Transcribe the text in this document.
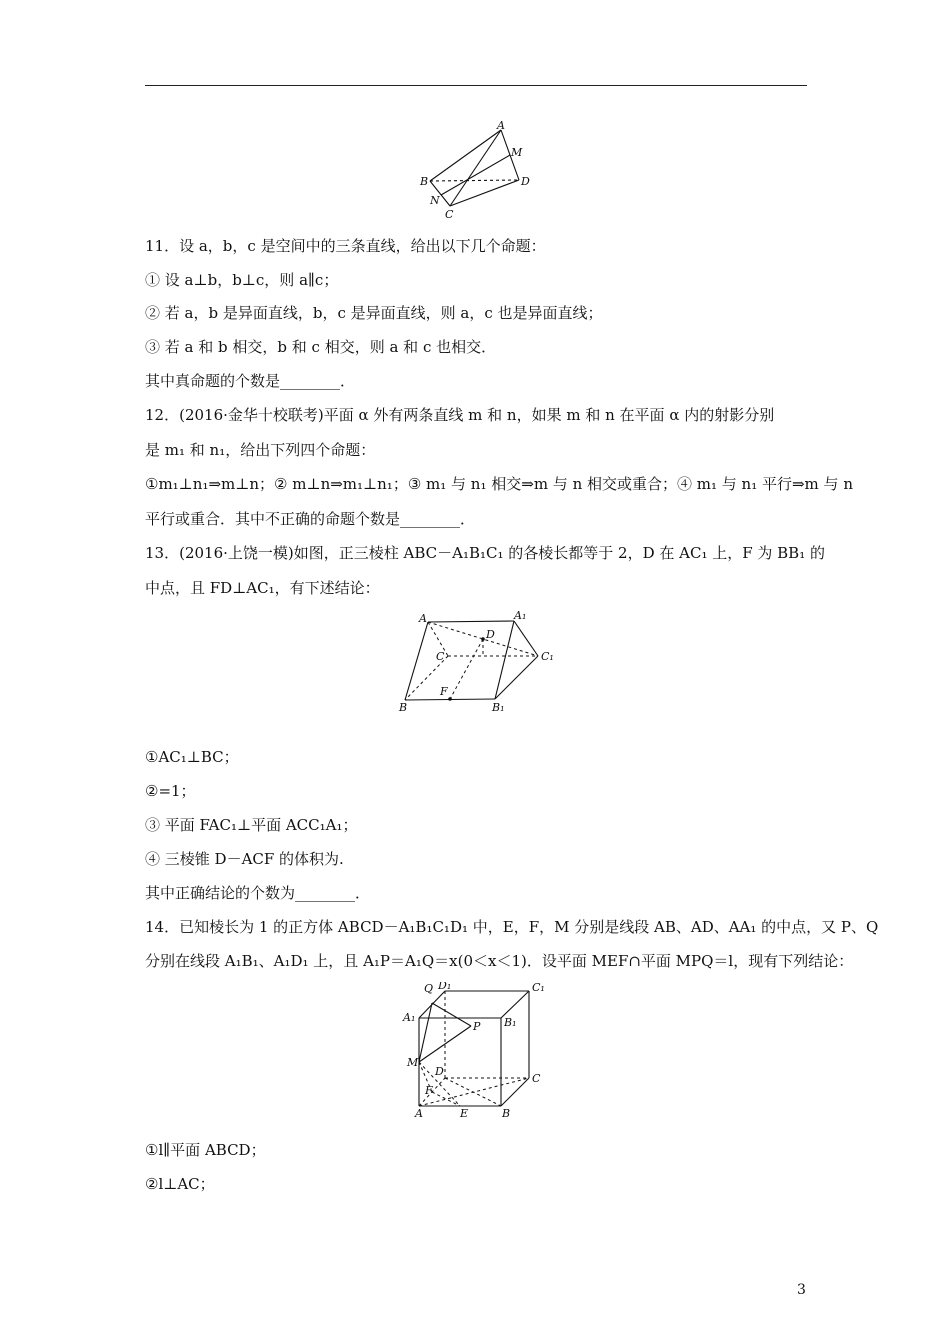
A
M
B	D
N
C
11．设 a，b，c 是空间中的三条直线，给出以下几个命题：
① 设 a⊥b，b⊥c，则 a∥c；
② 若 a，b 是异面直线，b，c 是异面直线，则 a，c 也是异面直线；
③ 若 a 和 b 相交，b 和 c 相交，则 a 和 c 也相交．
其中真命题的个数是________．
12．(2016·金华十校联考)平面 α 外有两条直线 m 和 n，如果 m 和 n 在平面 α 内的射影分别
是 m₁ 和 n₁，给出下列四个命题：
①m₁⊥n₁⇒m⊥n；② m⊥n⇒m₁⊥n₁；③ m₁ 与 n₁ 相交⇒m 与 n 相交或重合；④ m₁ 与 n₁ 平行⇒m 与 n
平行或重合．其中不正确的命题个数是________．
13．(2016·上饶一模)如图，正三棱柱 ABC－A₁B₁C₁ 的各棱长都等于 2，D 在 AC₁ 上，F 为 BB₁ 的
中点，且 FD⊥AC₁，有下述结论：
A	A₁
D
C	C₁
F
B	B₁
①AC₁⊥BC；
②=1；
③ 平面 FAC₁⊥平面 ACC₁A₁；
④ 三棱锥 D－ACF 的体积为.
其中正确结论的个数为________．
14．已知棱长为 1 的正方体 ABCD－A₁B₁C₁D₁ 中，E，F，M 分别是线段 AB、AD、AA₁ 的中点，又 P、Q
分别在线段 A₁B₁、A₁D₁ 上，且 A₁P＝A₁Q＝x(0＜x＜1)．设平面 MEF∩平面 MPQ＝l，现有下列结论：
Q D₁	C₁
A₁
P B₁
M
D
C
F
A	E	B
①l∥平面 ABCD；
②l⊥AC；
3
